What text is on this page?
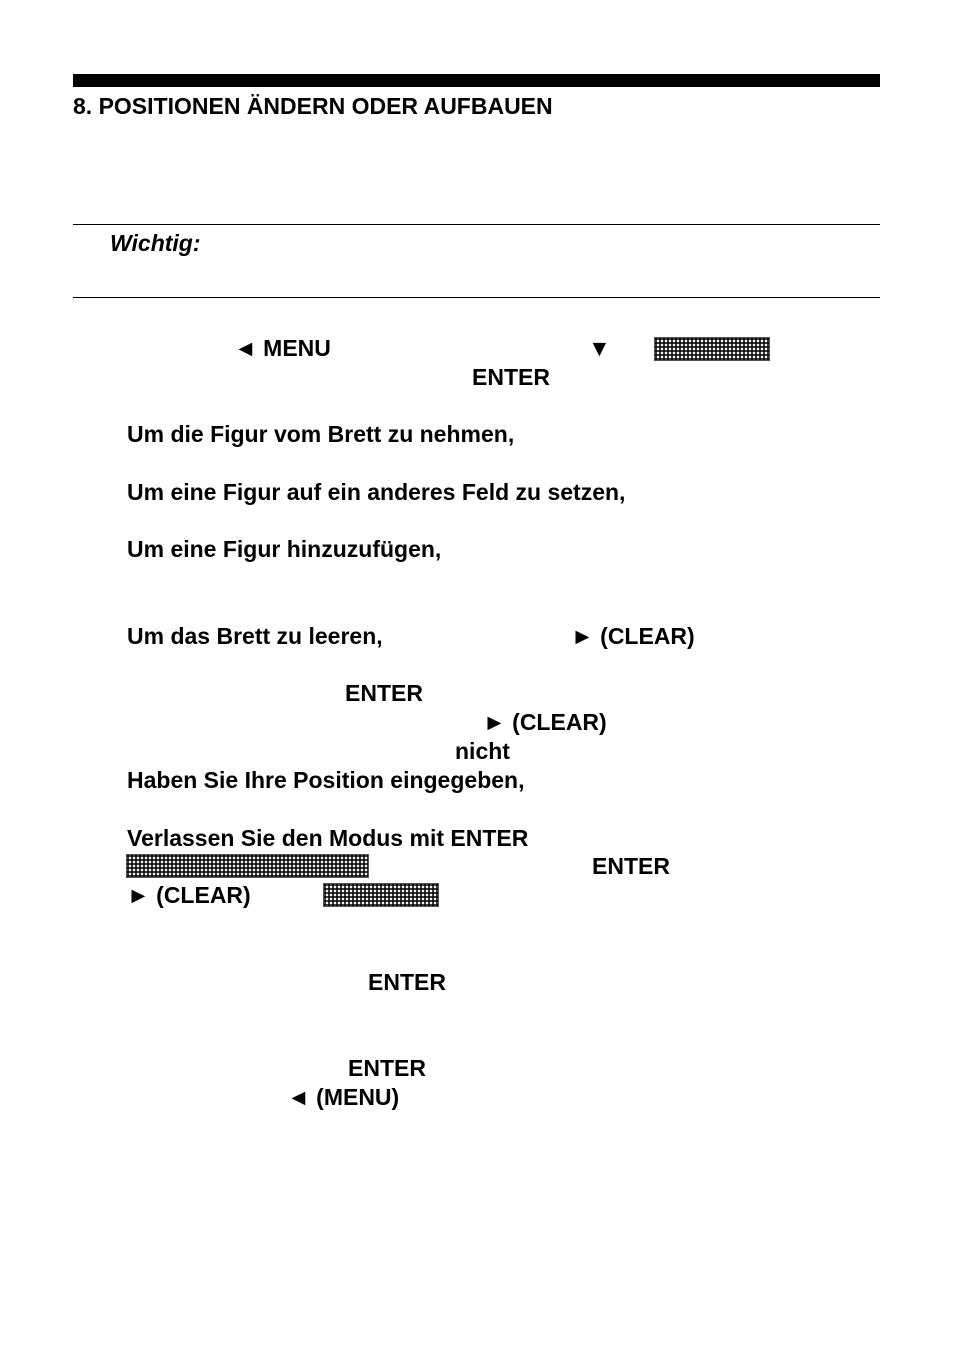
8. POSITIONEN ÄNDERN ODER AUFBAUEN
Wichtig:
◄ MENU	▼
ENTER
Um die Figur vom Brett zu nehmen,
Um eine Figur auf ein anderes Feld zu setzen,
Um eine Figur hinzuzufügen,
Um das Brett zu leeren,	► (CLEAR)
ENTER
► (CLEAR)
nicht
Haben Sie Ihre Position eingegeben,
Verlassen Sie den Modus mit ENTER
ENTER
► (CLEAR)
ENTER
ENTER
◄ (MENU)
